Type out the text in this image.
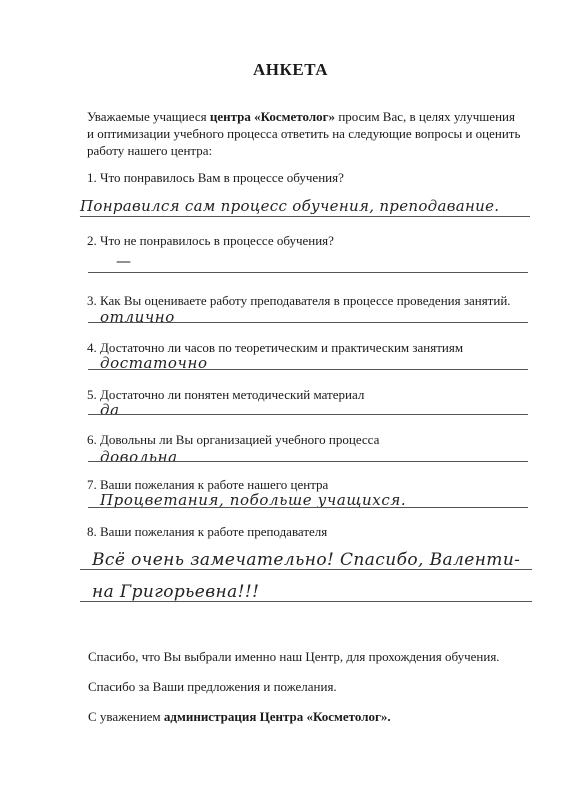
АНКЕТА
Уважаемые учащиеся центра «Косметолог» просим Вас, в целях улучшения
и оптимизации учебного процесса ответить на следующие вопросы и оценить
работу нашего центра:
1. Что понравилось Вам в процессе обучения?
Понравился сам процесс обучения, преподавание.
2. Что не понравилось в процессе обучения?
—
3. Как Вы оцениваете работу преподавателя в процессе проведения занятий.
отлично
4. Достаточно ли часов по теоретическим и практическим занятиям
достаточно
5. Достаточно ли понятен методический материал
да
6. Довольны ли Вы организацией учебного процесса
довольна
7. Ваши пожелания к работе нашего центра
Процветания, побольше учащихся.
8. Ваши пожелания к работе преподавателя
Всё очень замечательно! Спасибо, Валенти-
на Григорьевна!!!
Спасибо, что Вы выбрали именно наш Центр, для прохождения обучения.
Спасибо за Ваши предложения и пожелания.
С уважением администрация Центра «Косметолог».
